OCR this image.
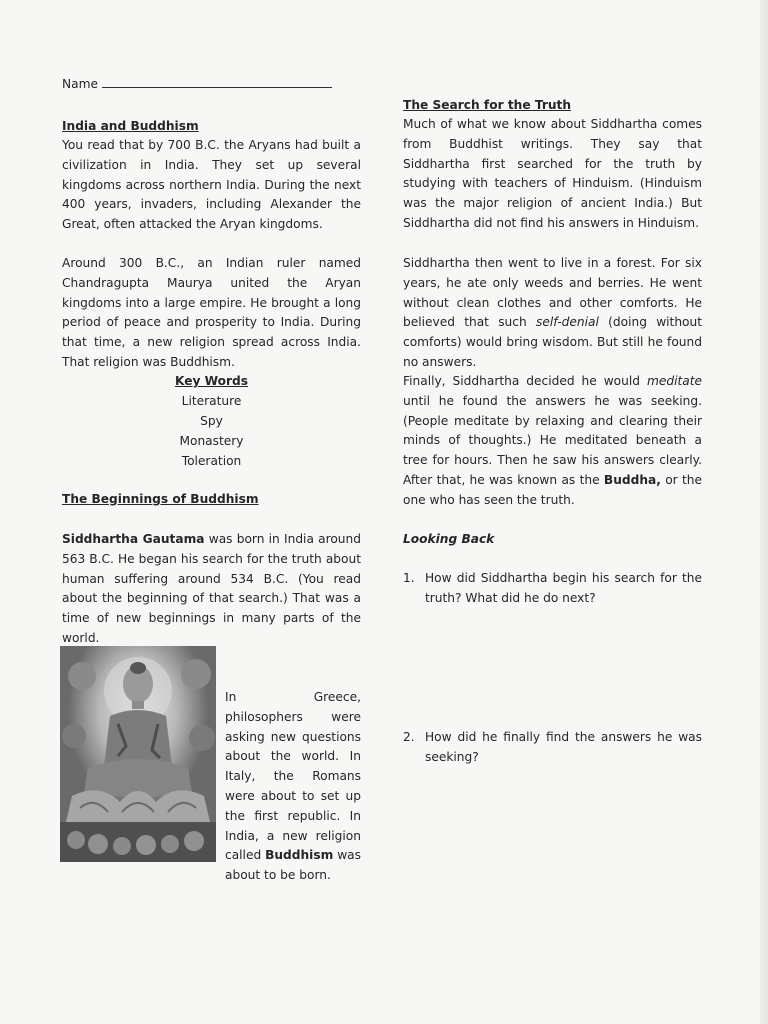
Name
India and Buddhism
You read that by 700 B.C. the Aryans had built a civilization in India. They set up several kingdoms across northern India. During the next 400 years, invaders, including Alexander the Great, often attacked the Aryan kingdoms.
Around 300 B.C., an Indian ruler named Chandragupta Maurya united the Aryan kingdoms into a large empire. He brought a long period of peace and prosperity to India. During that time, a new religion spread across India. That religion was Buddhism.
Key Words
Literature
Spy
Monastery
Toleration
The Beginnings of Buddhism
Siddhartha Gautama was born in India around 563 B.C. He began his search for the truth about human suffering around 534 B.C. (You read about the beginning of that search.) That was a time of new beginnings in many parts of the world.
In Greece, philosophers were asking new questions about the world. In Italy, the Romans were about to set up the first republic. In India, a new religion called Buddhism was about to be born.
The Search for the Truth
Much of what we know about Siddhartha comes from Buddhist writings. They say that Siddhartha first searched for the truth by studying with teachers of Hinduism. (Hinduism was the major religion of ancient India.) But Siddhartha did not find his answers in Hinduism.
Siddhartha then went to live in a forest. For six years, he ate only weeds and berries. He went without clean clothes and other comforts. He believed that such self-denial (doing without comforts) would bring wisdom. But still he found no answers.
Finally, Siddhartha decided he would meditate until he found the answers he was seeking. (People meditate by relaxing and clearing their minds of thoughts.) He meditated beneath a tree for hours. Then he saw his answers clearly. After that, he was known as the Buddha, or the one who has seen the truth.
Looking Back
1. How did Siddhartha begin his search for the truth? What did he do next?
2. How did he finally find the answers he was seeking?
